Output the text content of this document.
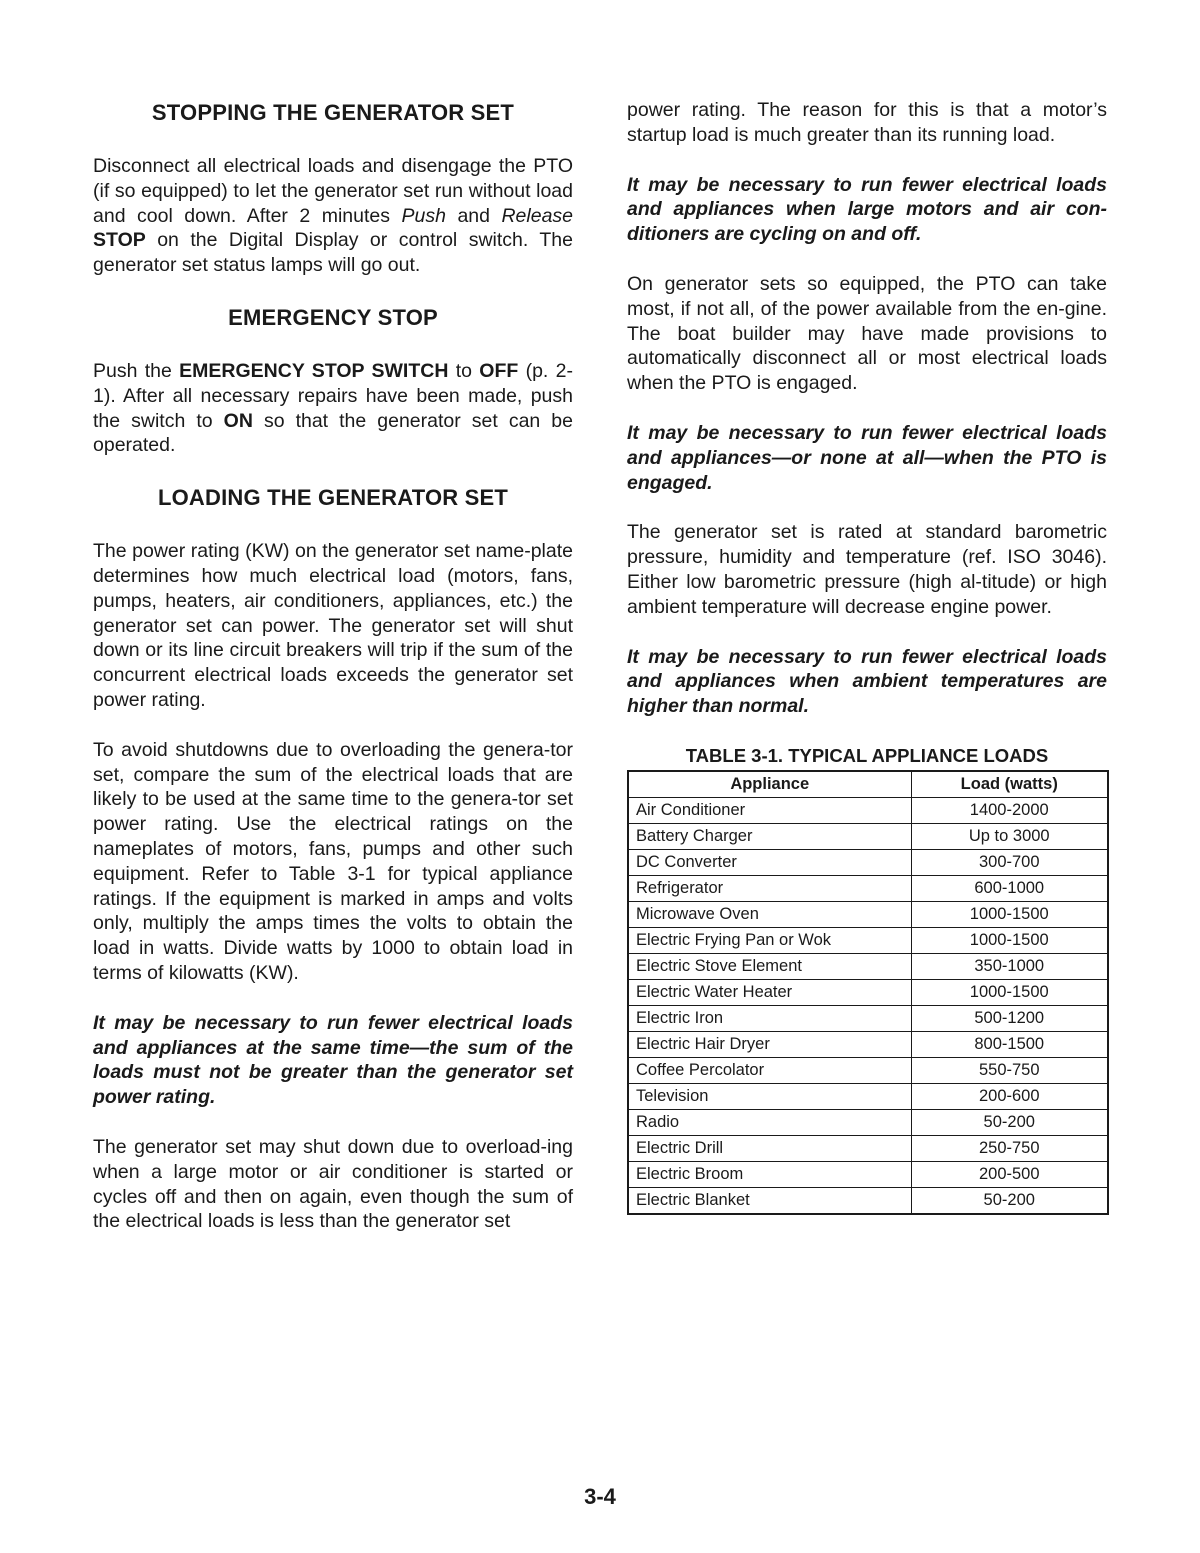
STOPPING THE GENERATOR SET

Disconnect all electrical loads and disengage the PTO (if so equipped) to let the generator set run without load and cool down. After 2 minutes Push and Release STOP on the Digital Display or control switch. The generator set status lamps will go out.

EMERGENCY STOP

Push the EMERGENCY STOP SWITCH to OFF (p. 2-1). After all necessary repairs have been made, push the switch to ON so that the generator set can be operated.

LOADING THE GENERATOR SET

The power rating (KW) on the generator set name-plate determines how much electrical load (motors, fans, pumps, heaters, air conditioners, appliances, etc.) the generator set can power. The generator set will shut down or its line circuit breakers will trip if the sum of the concurrent electrical loads exceeds the generator set power rating.

To avoid shutdowns due to overloading the genera-tor set, compare the sum of the electrical loads that are likely to be used at the same time to the genera-tor set power rating. Use the electrical ratings on the nameplates of motors, fans, pumps and other such equipment. Refer to Table 3-1 for typical appliance ratings. If the equipment is marked in amps and volts only, multiply the amps times the volts to obtain the load in watts. Divide watts by 1000 to obtain load in terms of kilowatts (KW).

It may be necessary to run fewer electrical loads and appliances at the same time—the sum of the loads must not be greater than the generator set power rating.

The generator set may shut down due to overload-ing when a large motor or air conditioner is started or cycles off and then on again, even though the sum of the electrical loads is less than the generator set

power rating. The reason for this is that a motor’s startup load is much greater than its running load.

It may be necessary to run fewer electrical loads and appliances when large motors and air con-ditioners are cycling on and off.

On generator sets so equipped, the PTO can take most, if not all, of the power available from the en-gine. The boat builder may have made provisions to automatically disconnect all or most electrical loads when the PTO is engaged.

It may be necessary to run fewer electrical loads and appliances—or none at all—when the PTO is engaged.

The generator set is rated at standard barometric pressure, humidity and temperature (ref. ISO 3046). Either low barometric pressure (high al-titude) or high ambient temperature will decrease engine power.

It may be necessary to run fewer electrical loads and appliances when ambient temperatures are higher than normal.

TABLE 3-1. TYPICAL APPLIANCE LOADS
Appliance	Load (watts)
Air Conditioner	1400-2000
Battery Charger	Up to 3000
DC Converter	300-700
Refrigerator	600-1000
Microwave Oven	1000-1500
Electric Frying Pan or Wok	1000-1500
Electric Stove Element	350-1000
Electric Water Heater	1000-1500
Electric Iron	500-1200
Electric Hair Dryer	800-1500
Coffee Percolator	550-750
Television	200-600
Radio	50-200
Electric Drill	250-750
Electric Broom	200-500
Electric Blanket	50-200
3-4
